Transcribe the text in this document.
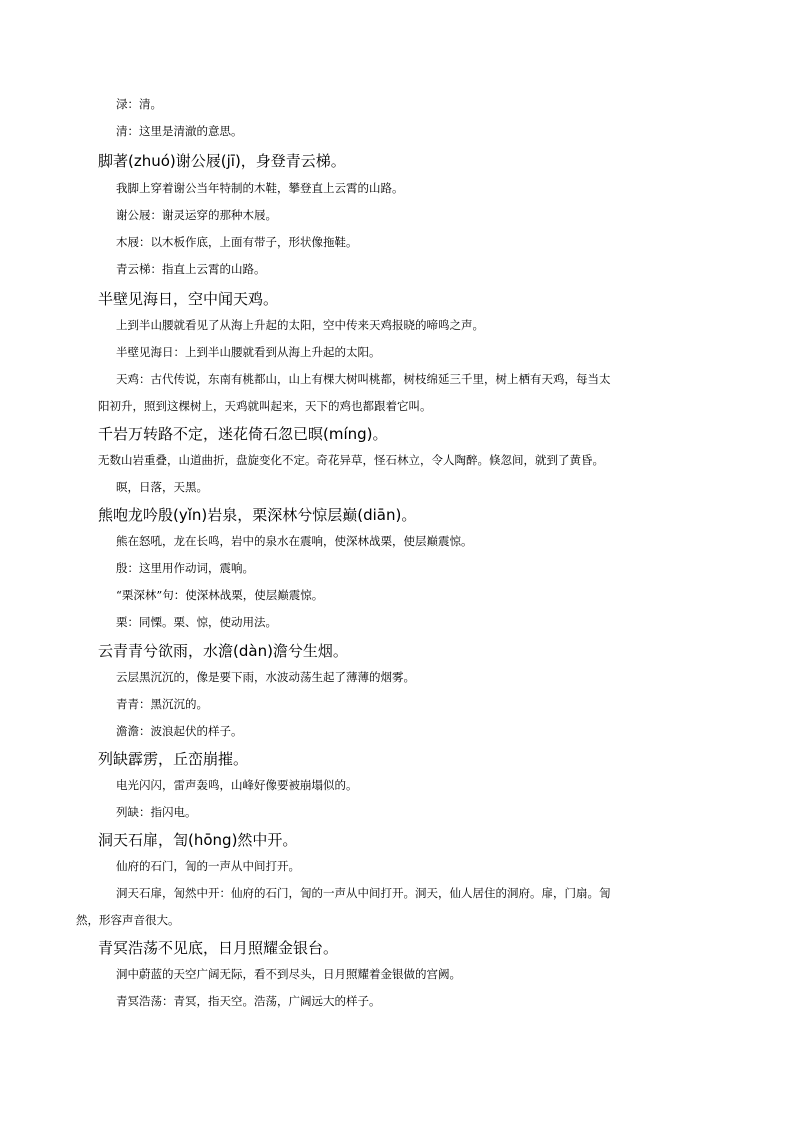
渌：清。
清：这里是清澈的意思。
脚著(zhuó)谢公屐(jī)，身登青云梯。
我脚上穿着谢公当年特制的木鞋，攀登直上云霄的山路。
谢公屐：谢灵运穿的那种木屐。
木屐：以木板作底，上面有带子，形状像拖鞋。
青云梯：指直上云霄的山路。
半壁见海日，空中闻天鸡。
上到半山腰就看见了从海上升起的太阳，空中传来天鸡报晓的啼鸣之声。
半壁见海日：上到半山腰就看到从海上升起的太阳。
天鸡：古代传说，东南有桃都山，山上有棵大树叫桃都，树枝绵延三千里，树上栖有天鸡，每当太
阳初升，照到这棵树上，天鸡就叫起来，天下的鸡也都跟着它叫。
千岩万转路不定，迷花倚石忽已暝(míng)。
无数山岩重叠，山道曲折，盘旋变化不定。奇花异草，怪石林立，令人陶醉。倏忽间，就到了黄昏。
暝，日落，天黑。
熊咆龙吟殷(yǐn)岩泉，栗深林兮惊层巅(diān)。
熊在怒吼，龙在长鸣，岩中的泉水在震响，使深林战栗，使层巅震惊。
殷：这里用作动词，震响。
“栗深林”句：使深林战栗，使层巅震惊。
栗：同慄。栗、惊，使动用法。
云青青兮欲雨，水澹(dàn)澹兮生烟。
云层黑沉沉的，像是要下雨，水波动荡生起了薄薄的烟雾。
青青：黑沉沉的。
澹澹：波浪起伏的样子。
列缺霹雳，丘峦崩摧。
电光闪闪，雷声轰鸣，山峰好像要被崩塌似的。
列缺：指闪电。
洞天石扉，訇(hōng)然中开。
仙府的石门，訇的一声从中间打开。
洞天石扉，訇然中开：仙府的石门，訇的一声从中间打开。洞天，仙人居住的洞府。扉，门扇。訇
然，形容声音很大。
青冥浩荡不见底，日月照耀金银台。
洞中蔚蓝的天空广阔无际，看不到尽头，日月照耀着金银做的宫阙。
青冥浩荡：青冥，指天空。浩荡，广阔远大的样子。
